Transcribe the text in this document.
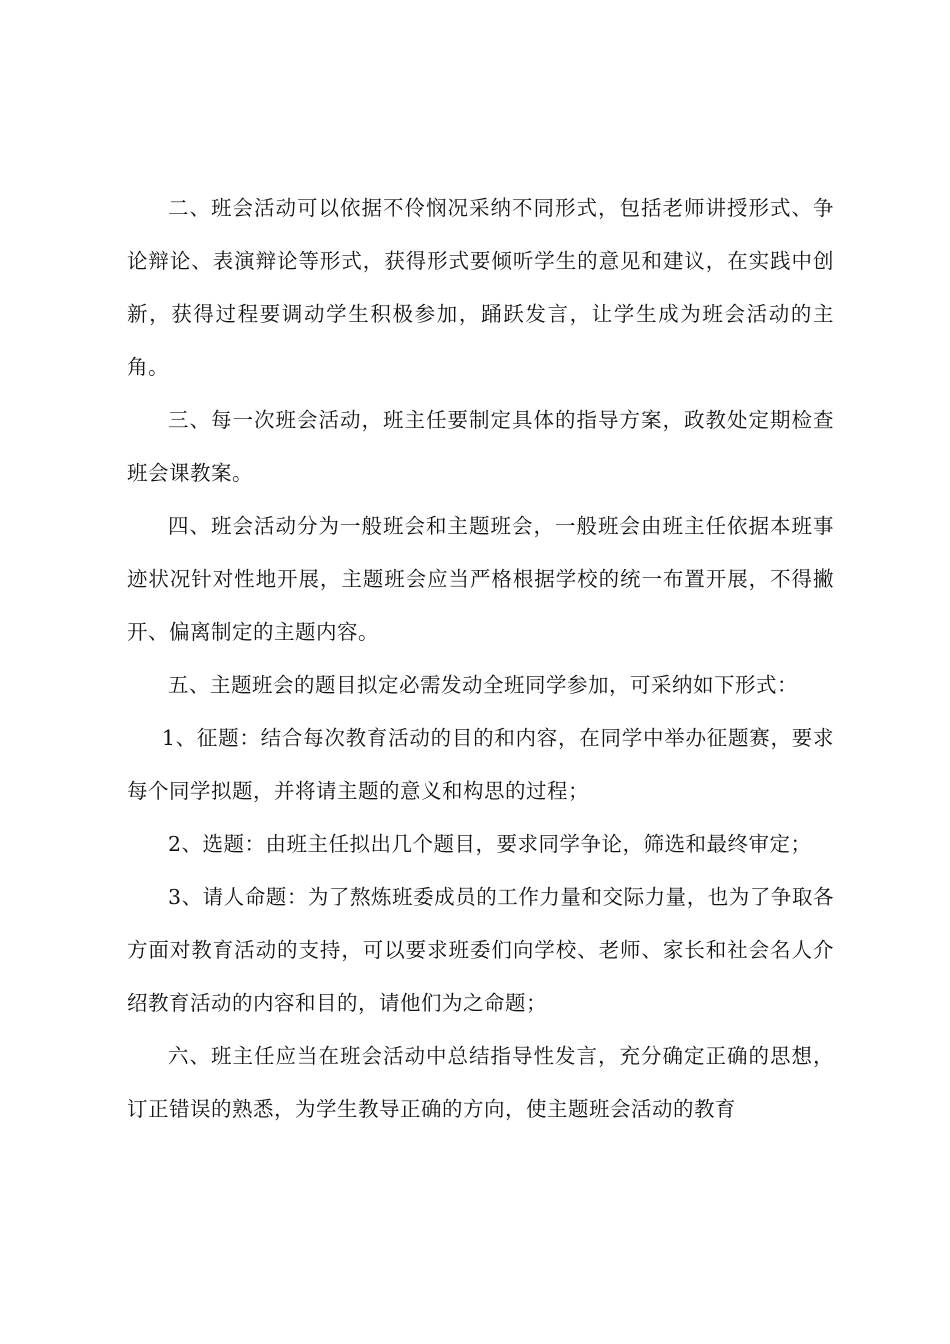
二、班会活动可以依据不伶悯况采纳不同形式，包括老师讲授形式、争论辩论、表演辩论等形式，获得形式要倾听学生的意见和建议，在实践中创新，获得过程要调动学生积极参加，踊跃发言，让学生成为班会活动的主角。

三、每一次班会活动，班主任要制定具体的指导方案，政教处定期检查班会课教案。

四、班会活动分为一般班会和主题班会，一般班会由班主任依据本班事迹状况针对性地开展，主题班会应当严格根据学校的统一布置开展，不得撇开、偏离制定的主题内容。

五、主题班会的题目拟定必需发动全班同学参加，可采纳如下形式：

1、征题：结合每次教育活动的目的和内容，在同学中举办征题赛，要求每个同学拟题，并将请主题的意义和构思的过程；

2、选题：由班主任拟出几个题目，要求同学争论，筛选和最终审定；

3、请人命题：为了熬炼班委成员的工作力量和交际力量，也为了争取各方面对教育活动的支持，可以要求班委们向学校、老师、家长和社会名人介绍教育活动的内容和目的，请他们为之命题；

六、班主任应当在班会活动中总结指导性发言，充分确定正确的思想，订正错误的熟悉，为学生教导正确的方向，使主题班会活动的教育
